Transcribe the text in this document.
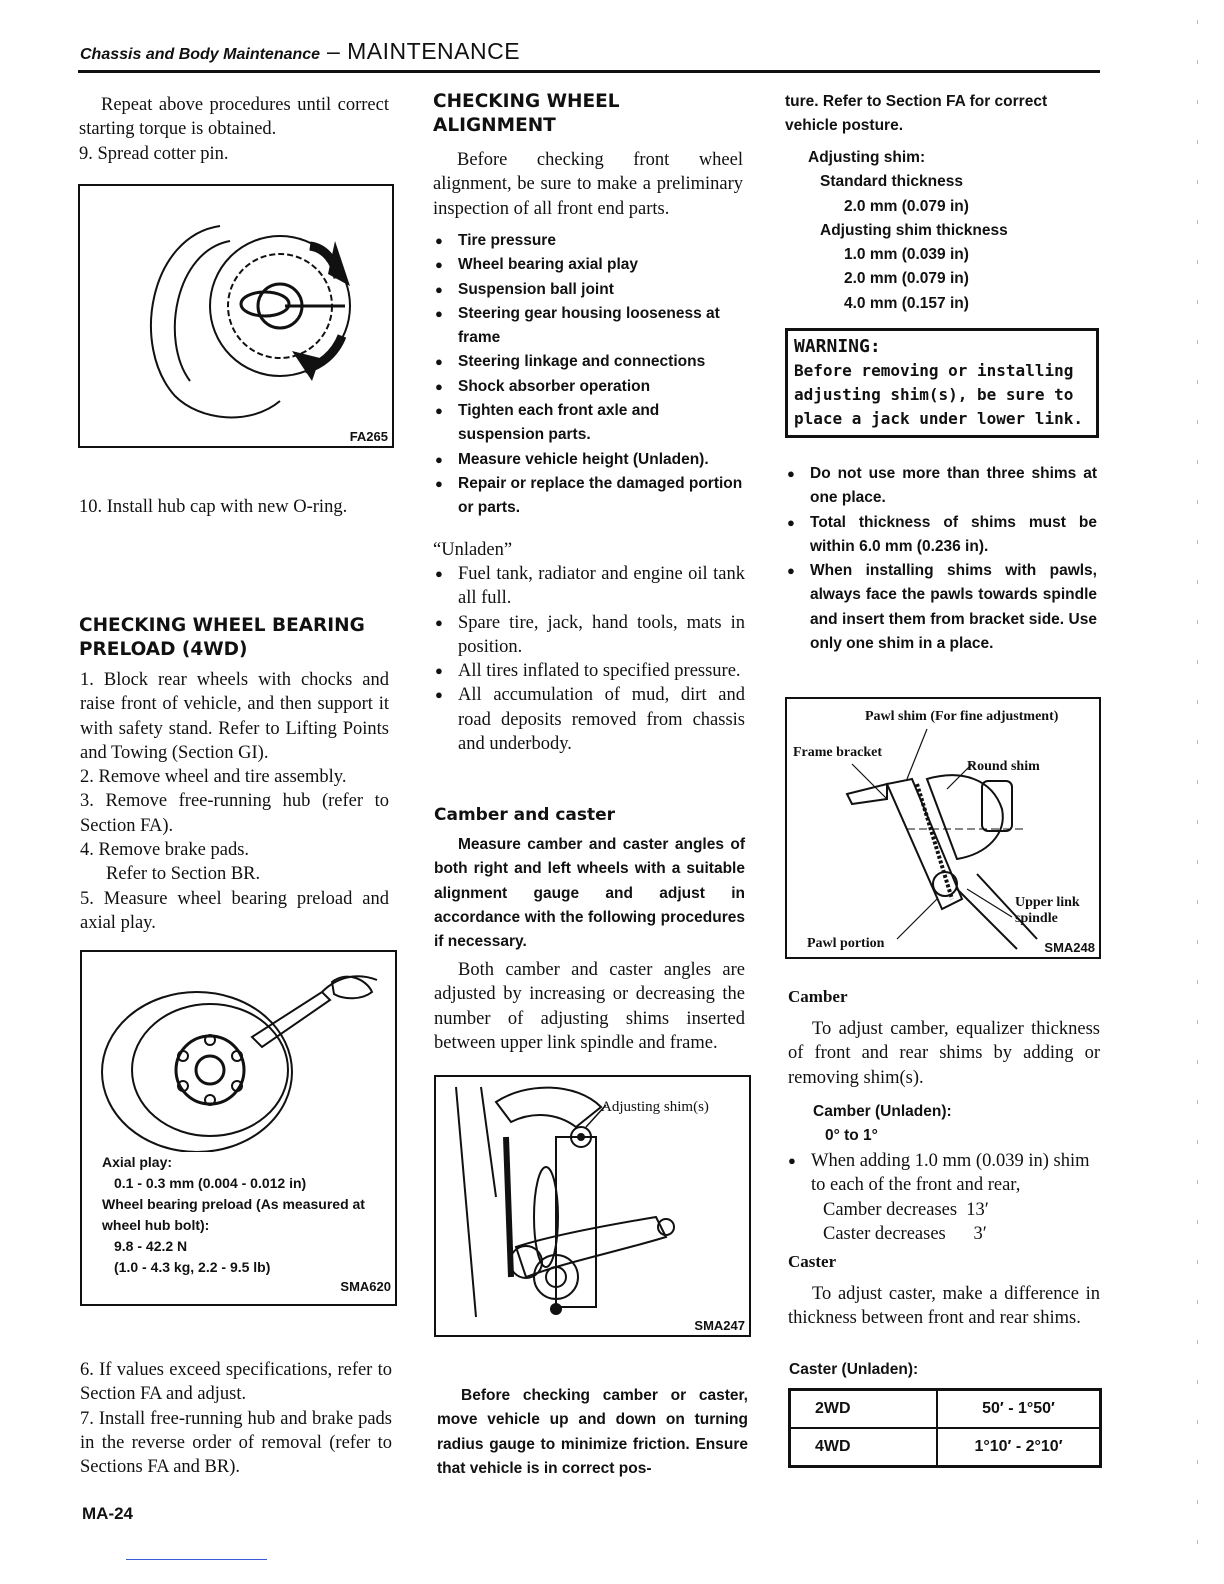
Chassis and Body Maintenance – MAINTENANCE

Repeat above procedures until correct starting torque is obtained.

9. Spread cotter pin.

FA265
10. Install hub cap with new O-ring.
CHECKING WHEEL BEARING PRELOAD (4WD)

1. Block rear wheels with chocks and raise front of vehicle, and then support it with safety stand. Refer to Lifting Points and Towing (Section GI).

2. Remove wheel and tire assembly.

3. Remove free-running hub (refer to Section FA).

4. Remove brake pads.

Refer to Section BR.

5. Measure wheel bearing preload and axial play.

Axial play:
0.1 - 0.3 mm (0.004 - 0.012 in)
Wheel bearing preload (As measured at wheel hub bolt):
9.8 - 42.2 N
(1.0 - 4.3 kg, 2.2 - 9.5 lb)
SMA620

6. If values exceed specifications, refer to Section FA and adjust.

7. Install free-running hub and brake pads in the reverse order of removal (refer to Sections FA and BR).

MA-24
CHECKING WHEEL ALIGNMENT
Before checking front wheel alignment, be sure to make a preliminary inspection of all front end parts.
● Tire pressure
● Wheel bearing axial play
● Suspension ball joint
● Steering gear housing looseness at frame
● Steering linkage and connections
● Shock absorber operation
● Tighten each front axle and suspension parts.
● Measure vehicle height (Unladen).
● Repair or replace the damaged portion or parts.
“Unladen”
● Fuel tank, radiator and engine oil tank all full.
● Spare tire, jack, hand tools, mats in position.
● All tires inflated to specified pressure.
● All accumulation of mud, dirt and road deposits removed from chassis and underbody.
Camber and caster
Measure camber and caster angles of both right and left wheels with a suitable alignment gauge and adjust in accordance with the following procedures if necessary.
Both camber and caster angles are adjusted by increasing or decreasing the number of adjusting shims inserted between upper link spindle and frame.
Adjusting shim(s)
SMA247
Before checking camber or caster, move vehicle up and down on turning radius gauge to minimize friction. Ensure that vehicle is in correct pos-
ture. Refer to Section FA for correct vehicle posture.
Adjusting shim:
Standard thickness
2.0 mm (0.079 in)
Adjusting shim thickness
1.0 mm (0.039 in)
2.0 mm (0.079 in)
4.0 mm (0.157 in)
WARNING:
Before removing or installing adjusting shim(s), be sure to place a jack under lower link.
● Do not use more than three shims at one place.
● Total thickness of shims must be within 6.0 mm (0.236 in).
● When installing shims with pawls, always face the pawls towards spindle and insert them from bracket side. Use only one shim in a place.
Pawl shim (For fine adjustment)
Frame bracket
Round shim
Upper link spindle
Pawl portion	SMA248
Camber
To adjust camber, equalizer thickness of front and rear shims by adding or removing shim(s).
Camber (Unladen):
0° to 1°
● When adding 1.0 mm (0.039 in) shim to each of the front and rear,
Camber decreases  13′
Caster decreases      3′
Caster
To adjust caster, make a difference in thickness between front and rear shims.
Caster (Unladen):
2WD	50′ - 1°50′
4WD	1°10′ - 2°10′
